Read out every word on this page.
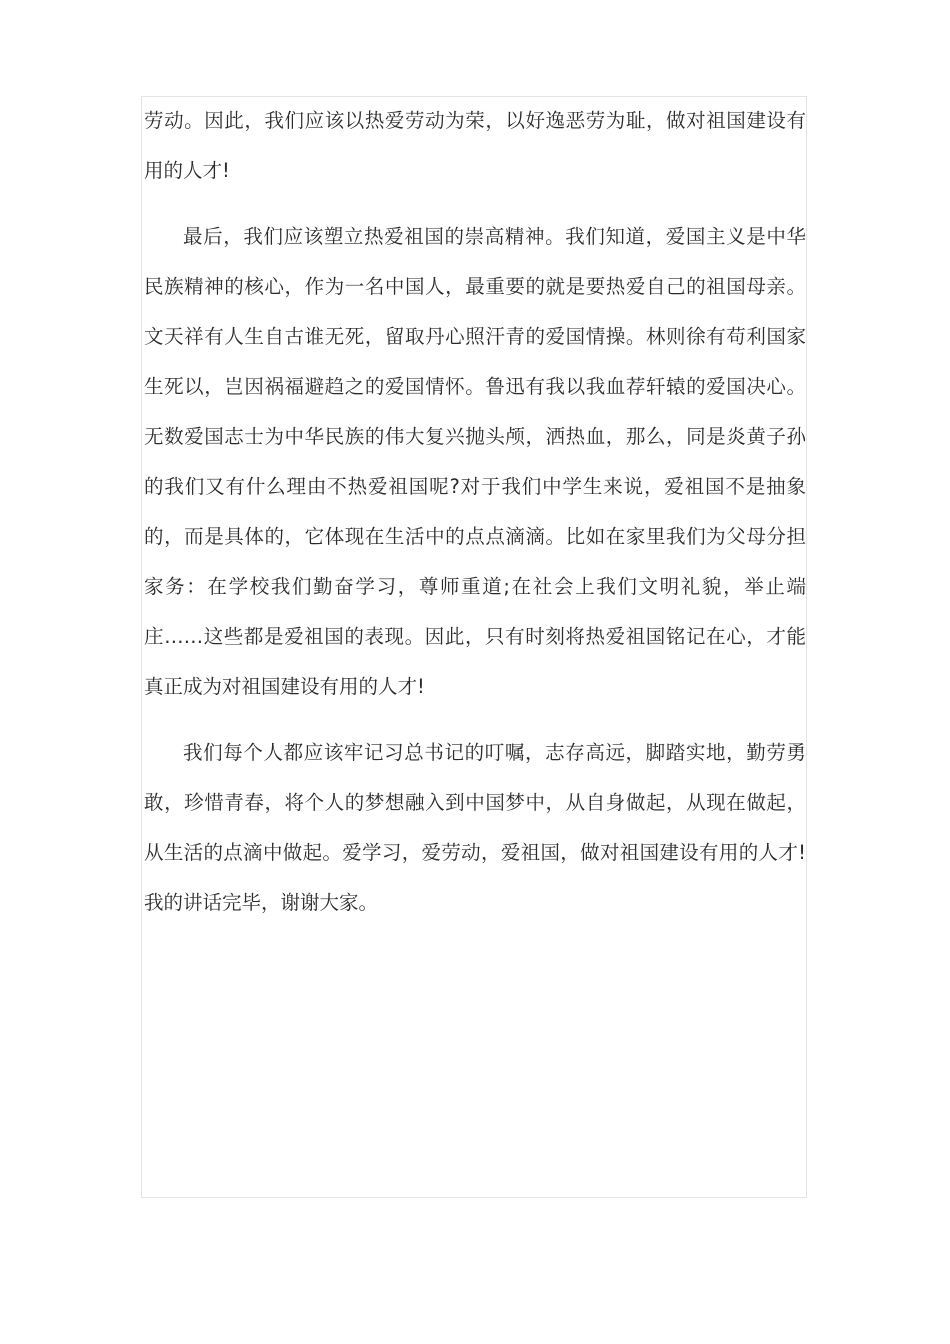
劳动。因此，我们应该以热爱劳动为荣，以好逸恶劳为耻，做对祖国建设有用的人才!

最后，我们应该塑立热爱祖国的崇高精神。我们知道，爱国主义是中华民族精神的核心，作为一名中国人，最重要的就是要热爱自己的祖国母亲。文天祥有人生自古谁无死，留取丹心照汗青的爱国情操。林则徐有苟利国家生死以，岂因祸福避趋之的爱国情怀。鲁迅有我以我血荐轩辕的爱国决心。无数爱国志士为中华民族的伟大复兴抛头颅，洒热血，那么，同是炎黄子孙的我们又有什么理由不热爱祖国呢?对于我们中学生来说，爱祖国不是抽象的，而是具体的，它体现在生活中的点点滴滴。比如在家里我们为父母分担家务：在学校我们勤奋学习，尊师重道;在社会上我们文明礼貌，举止端庄……这些都是爱祖国的表现。因此，只有时刻将热爱祖国铭记在心，才能真正成为对祖国建设有用的人才!

我们每个人都应该牢记习总书记的叮嘱，志存高远，脚踏实地，勤劳勇敢，珍惜青春，将个人的梦想融入到中国梦中，从自身做起，从现在做起，从生活的点滴中做起。爱学习，爱劳动，爱祖国，做对祖国建设有用的人才!我的讲话完毕，谢谢大家。
